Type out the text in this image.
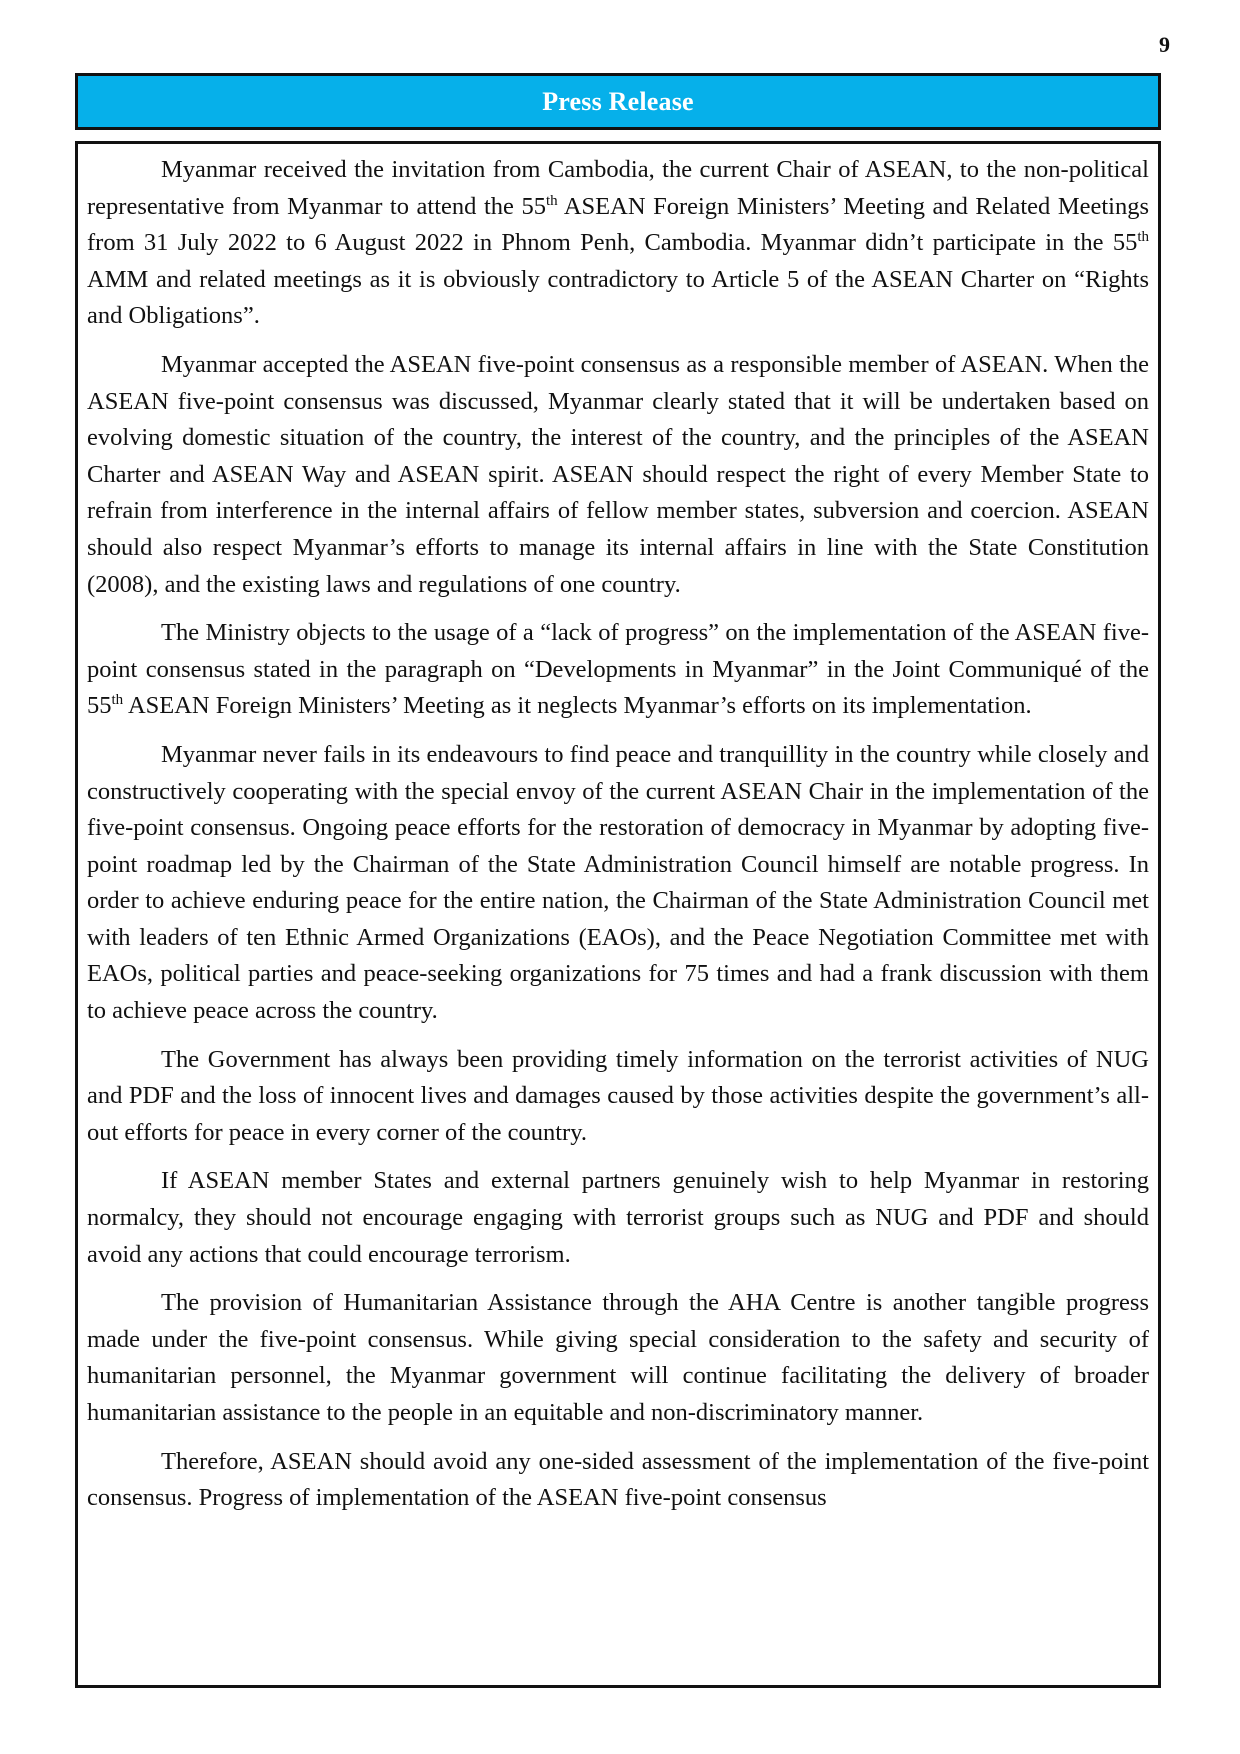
9
Press Release

Myanmar received the invitation from Cambodia, the current Chair of ASEAN, to the non-political representative from Myanmar to attend the 55th ASEAN Foreign Ministers’ Meeting and Related Meetings from 31 July 2022 to 6 August 2022 in Phnom Penh, Cambodia. Myanmar didn’t participate in the 55th AMM and related meetings as it is obviously contradictory to Article 5 of the ASEAN Charter on “Rights and Obligations”.

Myanmar accepted the ASEAN five-point consensus as a responsible member of ASEAN. When the ASEAN five-point consensus was discussed, Myanmar clearly stated that it will be undertaken based on evolving domestic situation of the country, the interest of the country, and the principles of the ASEAN Charter and ASEAN Way and ASEAN spirit. ASEAN should respect the right of every Member State to refrain from interference in the internal affairs of fellow member states, subversion and coercion. ASEAN should also respect Myanmar’s efforts to manage its internal affairs in line with the State Constitution (2008), and the existing laws and regulations of one country.

The Ministry objects to the usage of a “lack of progress” on the implementation of the ASEAN five-point consensus stated in the paragraph on “Developments in Myanmar” in the Joint Communiqué of the 55th ASEAN Foreign Ministers’ Meeting as it neglects Myanmar’s efforts on its implementation.

Myanmar never fails in its endeavours to find peace and tranquillity in the country while closely and constructively cooperating with the special envoy of the current ASEAN Chair in the implementation of the five-point consensus. Ongoing peace efforts for the restoration of democracy in Myanmar by adopting five-point roadmap led by the Chairman of the State Administration Council himself are notable progress. In order to achieve enduring peace for the entire nation, the Chairman of the State Administration Council met with leaders of ten Ethnic Armed Organizations (EAOs), and the Peace Negotiation Committee met with EAOs, political parties and peace-seeking organizations for 75 times and had a frank discussion with them to achieve peace across the country.

The Government has always been providing timely information on the terrorist activities of NUG and PDF and the loss of innocent lives and damages caused by those activities despite the government’s all-out efforts for peace in every corner of the country.

If ASEAN member States and external partners genuinely wish to help Myanmar in restoring normalcy, they should not encourage engaging with terrorist groups such as NUG and PDF and should avoid any actions that could encourage terrorism.

The provision of Humanitarian Assistance through the AHA Centre is another tangible progress made under the five-point consensus. While giving special consideration to the safety and security of humanitarian personnel, the Myanmar government will continue facilitating the delivery of broader humanitarian assistance to the people in an equitable and non-discriminatory manner.

Therefore, ASEAN should avoid any one-sided assessment of the implementation of the five-point consensus. Progress of implementation of the ASEAN five-point consensus
